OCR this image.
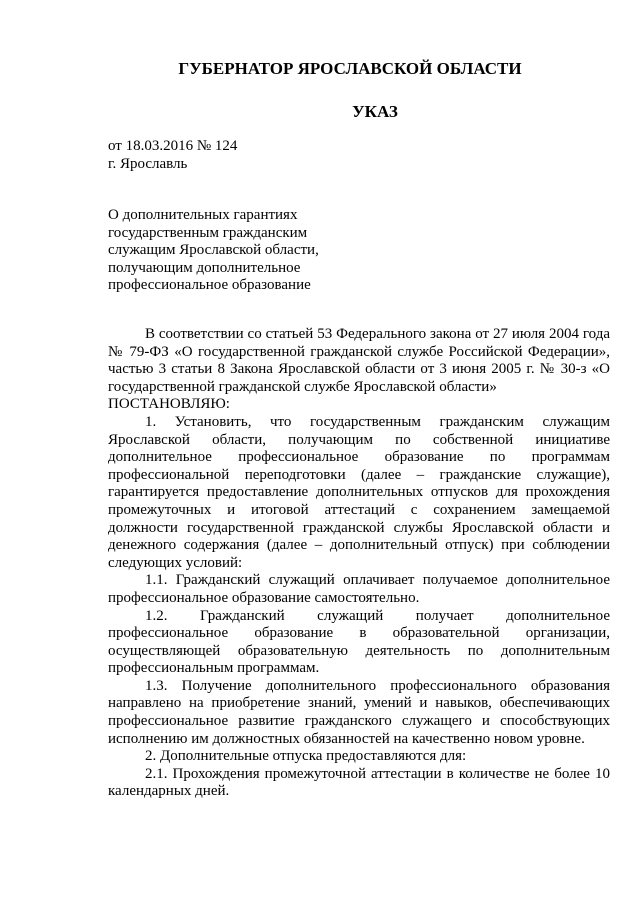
ГУБЕРНАТОР ЯРОСЛАВСКОЙ ОБЛАСТИ
УКАЗ
от 18.03.2016 № 124
г. Ярославль
О дополнительных гарантиях
государственным гражданским
служащим Ярославской области,
получающим дополнительное
профессиональное образование

В соответствии со статьей 53 Федерального закона от 27 июля 2004 года № 79-ФЗ «О государственной гражданской службе Российской Федерации», частью 3 статьи 8 Закона Ярославской области от 3 июня 2005 г. № 30-з «О государственной гражданской службе Ярославской области»

ПОСТАНОВЛЯЮ:

1. Установить, что государственным гражданским служащим Ярославской области, получающим по собственной инициативе дополнительное профессиональное образование по программам профессиональной переподготовки (далее – гражданские служащие), гарантируется предоставление дополнительных отпусков для прохождения промежуточных и итоговой аттестаций с сохранением замещаемой должности государственной гражданской службы Ярославской области и денежного содержания (далее – дополнительный отпуск) при соблюдении следующих условий:

1.1. Гражданский служащий оплачивает получаемое дополнительное профессиональное образование самостоятельно.

1.2. Гражданский служащий получает дополнительное профессиональное образование в образовательной организации, осуществляющей образовательную деятельность по дополнительным профессиональным программам.

1.3. Получение дополнительного профессионального образования направлено на приобретение знаний, умений и навыков, обеспечивающих профессиональное развитие гражданского служащего и способствующих исполнению им должностных обязанностей на качественно новом уровне.

2. Дополнительные отпуска предоставляются для:

2.1. Прохождения промежуточной аттестации в количестве не более 10 календарных дней.
